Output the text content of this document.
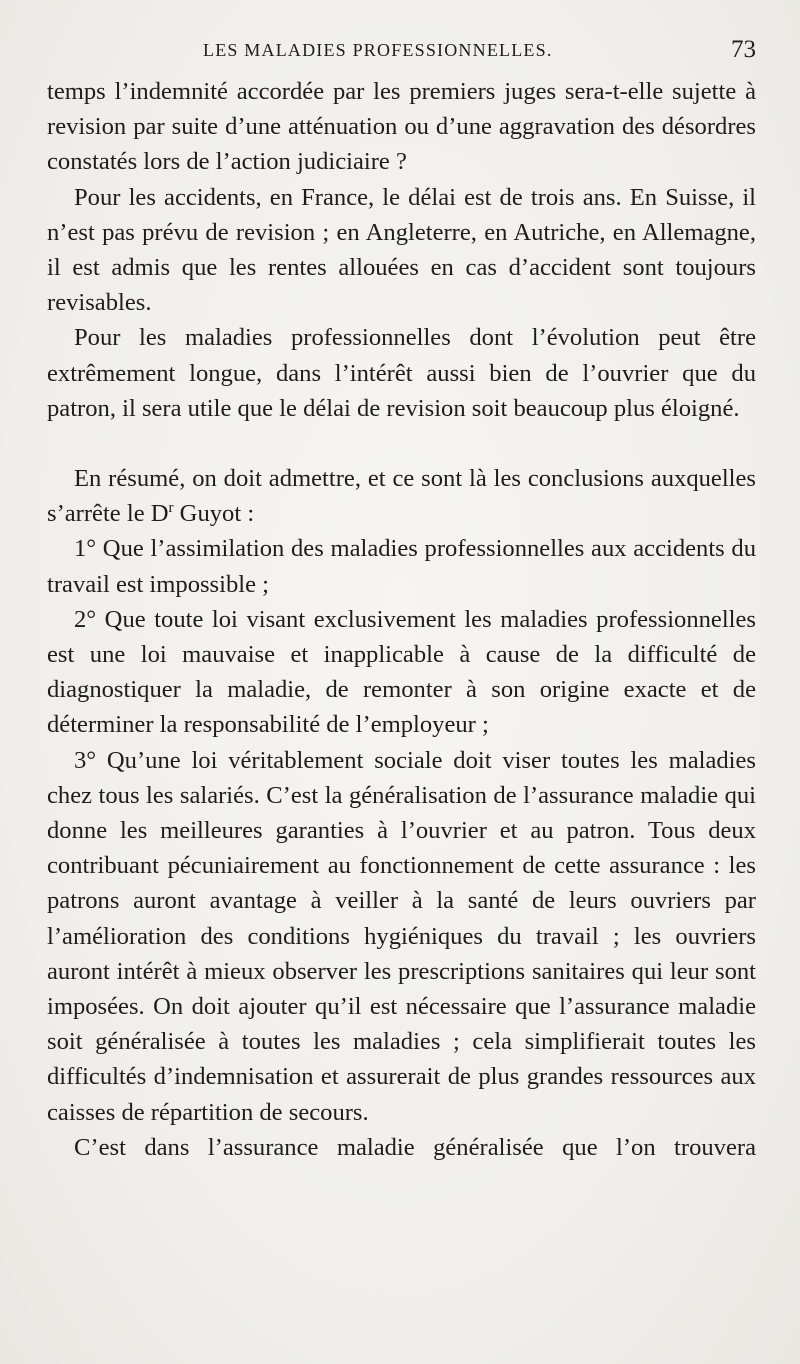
LES MALADIES PROFESSIONNELLES.	73

temps l’indemnité accordée par les premiers juges sera-t-elle sujette à revision par suite d’une atténuation ou d’une aggravation des désordres constatés lors de l’action judiciaire ?

Pour les accidents, en France, le délai est de trois ans. En Suisse, il n’est pas prévu de revision ; en Angleterre, en Autriche, en Allemagne, il est admis que les rentes allouées en cas d’accident sont toujours revisables.

Pour les maladies professionnelles dont l’évolution peut être extrêmement longue, dans l’intérêt aussi bien de l’ouvrier que du patron, il sera utile que le délai de revision soit beaucoup plus éloigné.

En résumé, on doit admettre, et ce sont là les conclusions auxquelles s’arrête le $D^r$ Guyot :

1° Que l’assimilation des maladies professionnelles aux accidents du travail est impossible ;

2° Que toute loi visant exclusivement les maladies professionnelles est une loi mauvaise et inapplicable à cause de la difficulté de diagnostiquer la maladie, de remonter à son origine exacte et de déterminer la responsabilité de l’employeur ;

3° Qu’une loi véritablement sociale doit viser toutes les maladies chez tous les salariés. C’est la généralisation de l’assurance maladie qui donne les meilleures garanties à l’ouvrier et au patron. Tous deux contribuant pécuniairement au fonctionnement de cette assurance : les patrons auront avantage à veiller à la santé de leurs ouvriers par l’amélioration des conditions hygiéniques du travail ; les ouvriers auront intérêt à mieux observer les prescriptions sanitaires qui leur sont imposées. On doit ajouter qu’il est nécessaire que l’assurance maladie soit généralisée à toutes les maladies ; cela simplifierait toutes les difficultés d’indemnisation et assurerait de plus grandes ressources aux caisses de répartition de secours.

C’est dans l’assurance maladie généralisée que l’on trouvera
